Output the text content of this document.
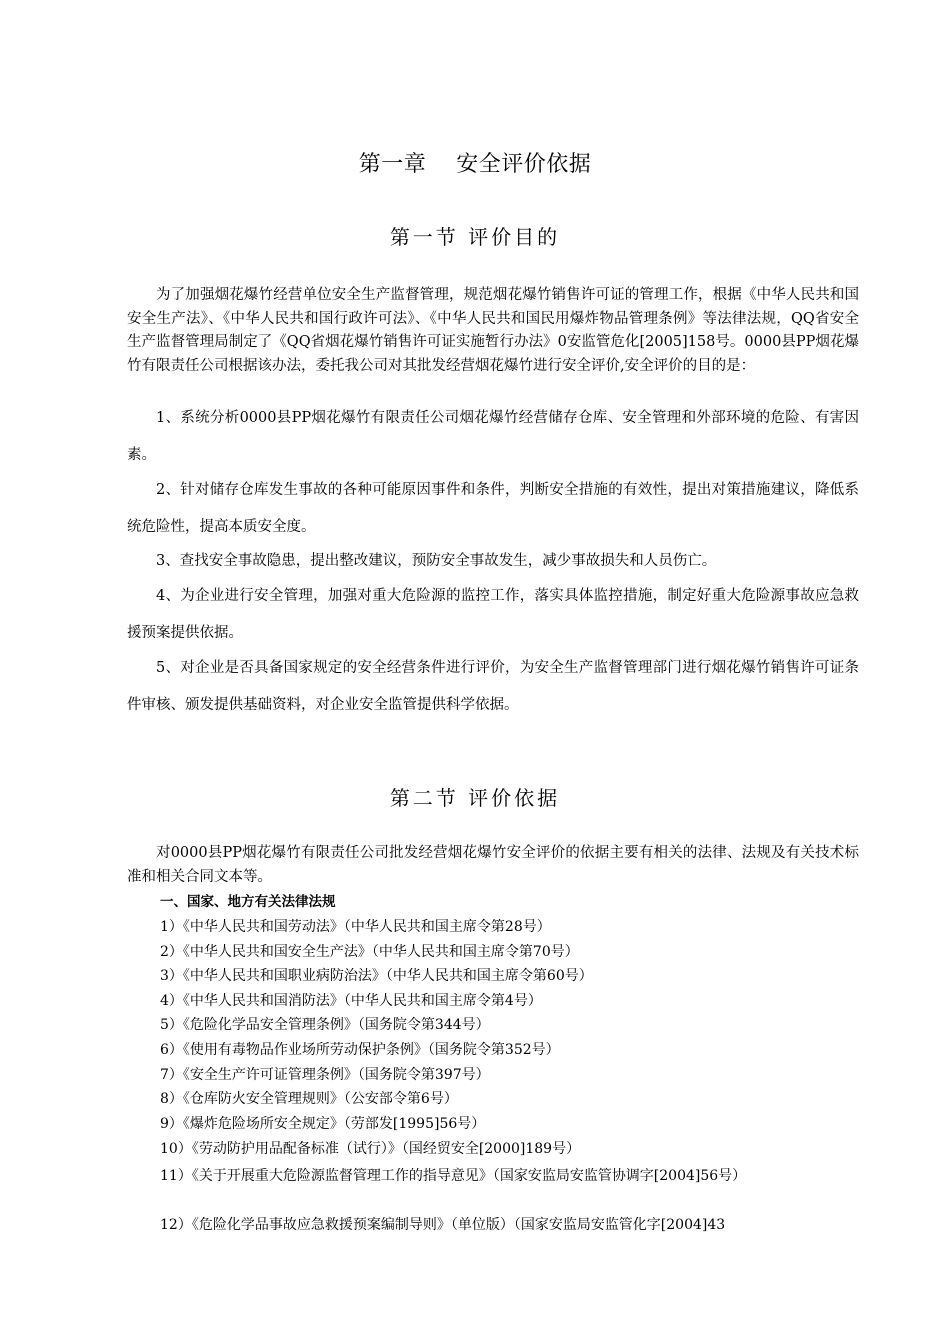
第一章    安全评价依据
第一节 评价目的

为了加强烟花爆竹经营单位安全生产监督管理，规范烟花爆竹销售许可证的管理工作，根据《中华人民共和国安全生产法》、《中华人民共和国行政许可法》、《中华人民共和国民用爆炸物品管理条例》等法律法规，QQ省安全生产监督管理局制定了《QQ省烟花爆竹销售许可证实施暂行办法》0安监管危化[2005]158号。0000县PP烟花爆竹有限责任公司根据该办法，委托我公司对其批发经营烟花爆竹进行安全评价,安全评价的目的是：

1、系统分析0000县PP烟花爆竹有限责任公司烟花爆竹经营储存仓库、安全管理和外部环境的危险、有害因素。

2、针对储存仓库发生事故的各种可能原因事件和条件，判断安全措施的有效性，提出对策措施建议，降低系统危险性，提高本质安全度。

3、查找安全事故隐患，提出整改建议，预防安全事故发生，减少事故损失和人员伤亡。

4、为企业进行安全管理，加强对重大危险源的监控工作，落实具体监控措施，制定好重大危险源事故应急救援预案提供依据。

5、对企业是否具备国家规定的安全经营条件进行评价，为安全生产监督管理部门进行烟花爆竹销售许可证条件审核、颁发提供基础资料，对企业安全监管提供科学依据。

第二节 评价依据

对0000县PP烟花爆竹有限责任公司批发经营烟花爆竹安全评价的依据主要有相关的法律、法规及有关技术标准和相关合同文本等。

一、国家、地方有关法律法规
1）《中华人民共和国劳动法》（中华人民共和国主席令第28号）
2）《中华人民共和国安全生产法》（中华人民共和国主席令第70号）
3）《中华人民共和国职业病防治法》（中华人民共和国主席令第60号）
4）《中华人民共和国消防法》（中华人民共和国主席令第4号）
5）《危险化学品安全管理条例》（国务院令第344号）
6）《使用有毒物品作业场所劳动保护条例》（国务院令第352号）
7）《安全生产许可证管理条例》（国务院令第397号）
8）《仓库防火安全管理规则》（公安部令第6号）
9）《爆炸危险场所安全规定》（劳部发[1995]56号）
10）《劳动防护用品配备标准（试行）》（国经贸安全[2000]189号）

11）《关于开展重大危险源监督管理工作的指导意见》（国家安监局安监管协调字[2004]56号）

12）《危险化学品事故应急救援预案编制导则》（单位版）（国家安监局安监管化字[2004]43
